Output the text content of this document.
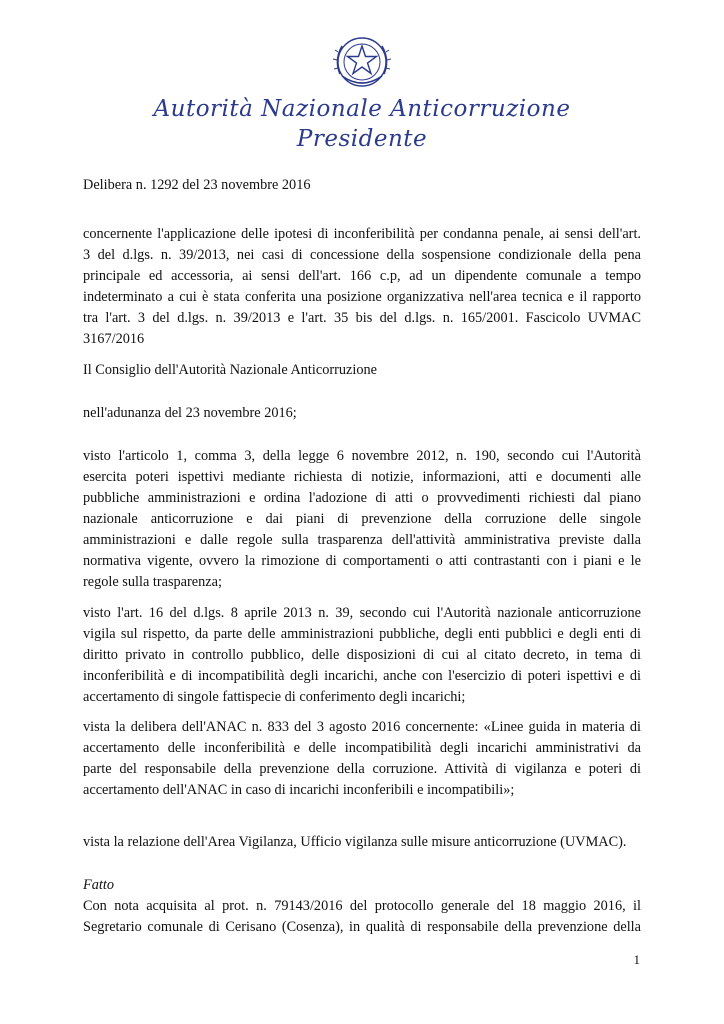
Autorità Nazionale Anticorruzione
Presidente
Delibera n. 1292 del 23 novembre 2016
concernente l'applicazione delle ipotesi di inconferibilità per condanna penale, ai sensi dell'art.
3 del d.lgs. n. 39/2013, nei casi di concessione della sospensione condizionale della pena
principale ed accessoria, ai sensi dell'art. 166 c.p, ad un dipendente comunale a tempo
indeterminato a cui è stata conferita una posizione organizzativa nell'area tecnica e il rapporto
tra l'art. 3 del d.lgs. n. 39/2013 e l'art. 35 bis del d.lgs. n. 165/2001. Fascicolo UVMAC
3167/2016
Il Consiglio dell'Autorità Nazionale Anticorruzione
nell'adunanza del 23 novembre 2016;
visto l'articolo 1, comma 3, della legge 6 novembre 2012, n. 190, secondo cui l'Autorità
esercita poteri ispettivi mediante richiesta di notizie, informazioni, atti e documenti alle
pubbliche amministrazioni e ordina l'adozione di atti o provvedimenti richiesti dal piano
nazionale anticorruzione e dai piani di prevenzione della corruzione delle singole
amministrazioni e dalle regole sulla trasparenza dell'attività amministrativa previste dalla
normativa vigente, ovvero la rimozione di comportamenti o atti contrastanti con i piani e le
regole sulla trasparenza;
visto l'art. 16 del d.lgs. 8 aprile 2013 n. 39, secondo cui l'Autorità nazionale anticorruzione
vigila sul rispetto, da parte delle amministrazioni pubbliche, degli enti pubblici e degli enti di
diritto privato in controllo pubblico, delle disposizioni di cui al citato decreto, in tema di
inconferibilità e di incompatibilità degli incarichi, anche con l'esercizio di poteri ispettivi e di
accertamento di singole fattispecie di conferimento degli incarichi;
vista la delibera dell'ANAC n. 833 del 3 agosto 2016 concernente: «Linee guida in materia di
accertamento delle inconferibilità e delle incompatibilità degli incarichi amministrativi da
parte del responsabile della prevenzione della corruzione. Attività di vigilanza e poteri di
accertamento dell'ANAC in caso di incarichi inconferibili e incompatibili»;
vista la relazione dell'Area Vigilanza, Ufficio vigilanza sulle misure anticorruzione (UVMAC).
Fatto
Con nota acquisita al prot. n. 79143/2016 del protocollo generale del 18 maggio 2016, il
Segretario comunale di Cerisano (Cosenza), in qualità di responsabile della prevenzione della
1
